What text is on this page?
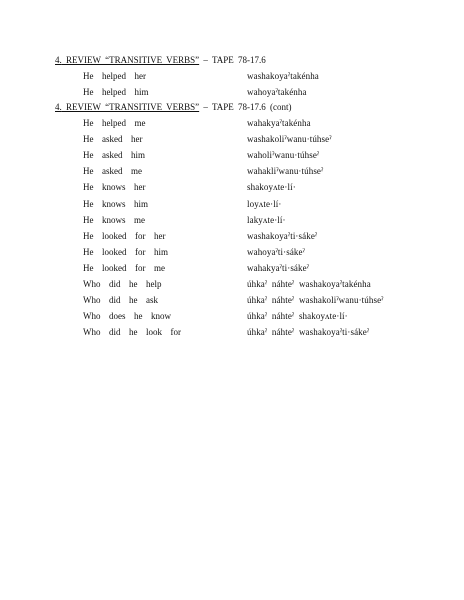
4. REVIEW “TRANSITIVE VERBS” – TAPE 78-17.6
He  helped  her	washakoyaˀtakénha
He  helped  him	wahoyaˀtakénha
4. REVIEW “TRANSITIVE VERBS” – TAPE 78-17.6 (cont)
He  helped  me	wahakyaˀtakénha
He  asked  her	washakoliˀwanu·túhseˀ
He  asked  him	waholiˀwanu·túhseˀ
He  asked  me	wahakliˀwanu·túhseˀ
He  knows  her	shakoyʌte·lí·
He  knows  him	loyʌte·lí·
He  knows  me	lakyʌte·lí·
He  looked  for  her	washakoyaˀti·sákeˀ
He  looked  for  him	wahoyaˀti·sákeˀ
He  looked  for  me	wahakyaˀti·sákeˀ
Who  did  he  help	úhkaˀ  náhteˀ  washakoyaˀtakénha
Who  did  he  ask	úhkaˀ  náhteˀ  washakoliˀwanu·túhseˀ
Who  does  he  know	úhkaˀ  náhteˀ  shakoyʌte·lí·
Who  did  he  look  for	úhkaˀ  náhteˀ  washakoyaˀti·sákeˀ
